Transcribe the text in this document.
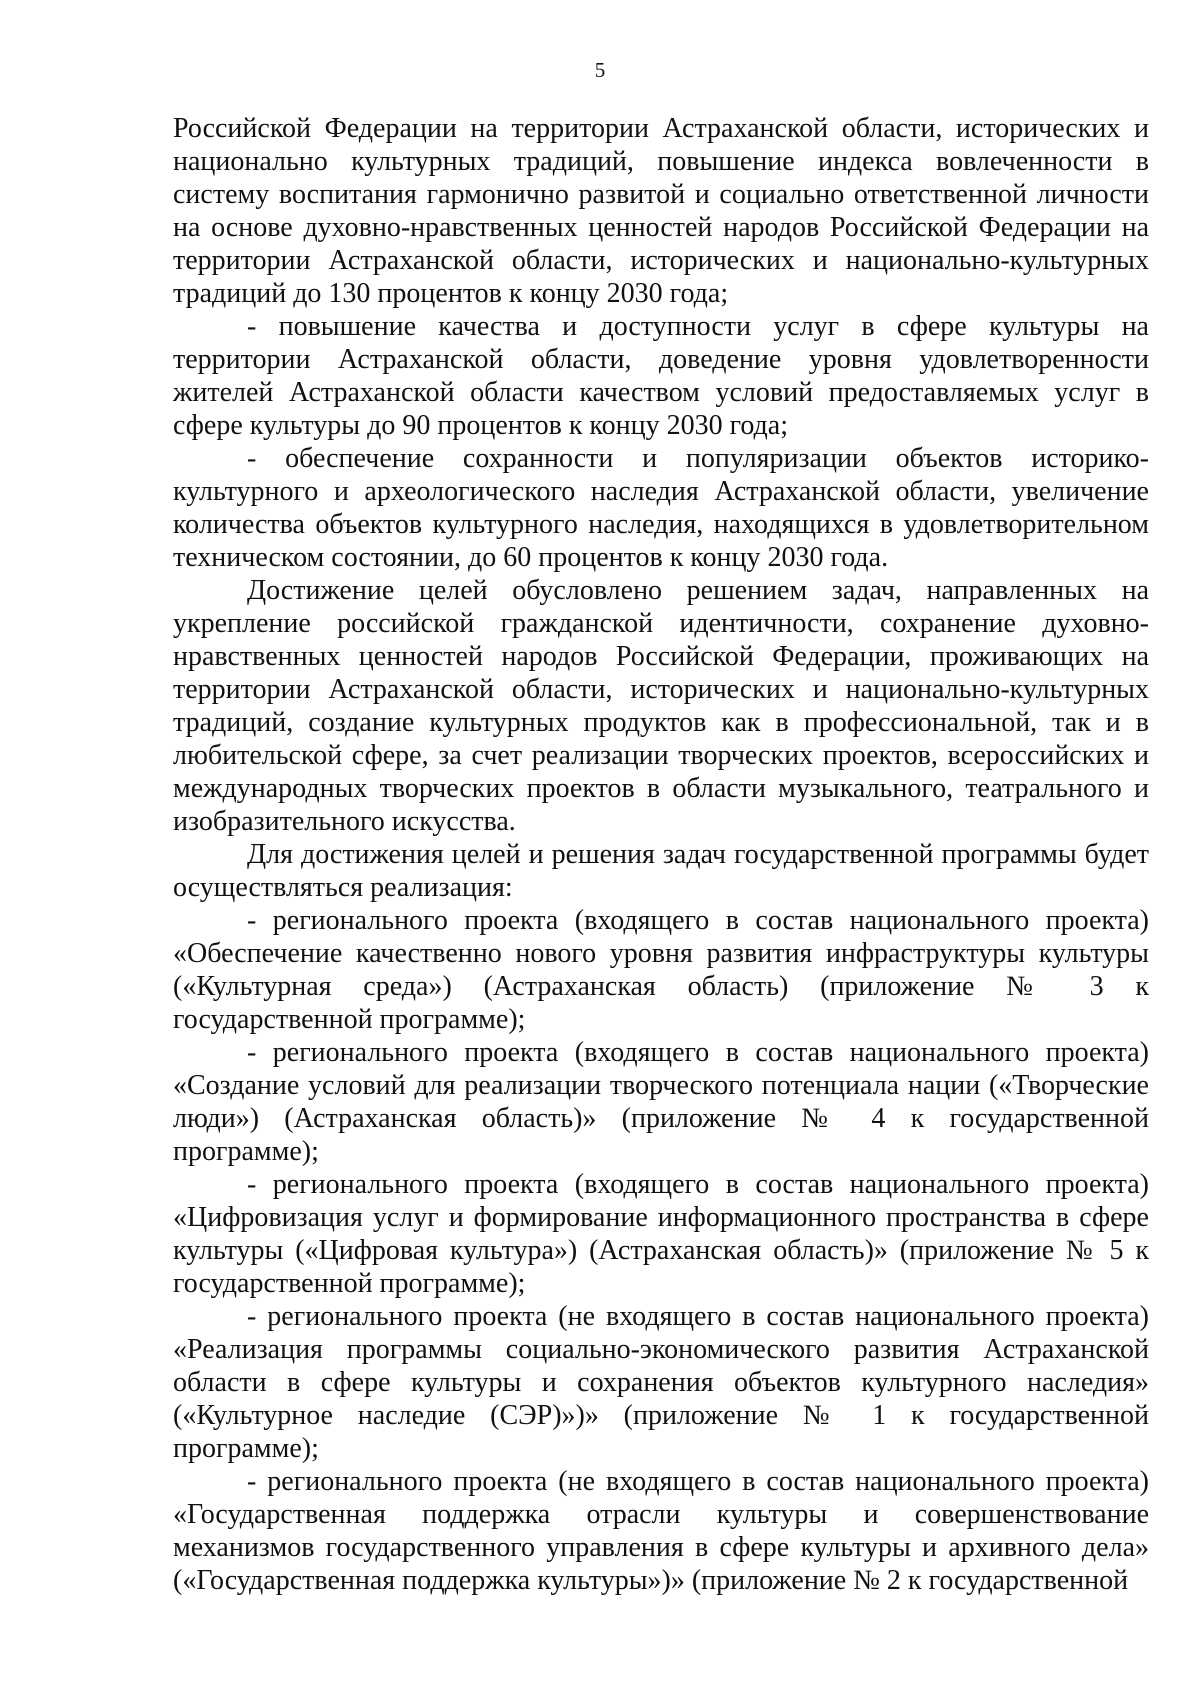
5

Российской Федерации на территории Астраханской области, исторических и национально культурных традиций, повышение индекса вовлеченности в систему воспитания гармонично развитой и социально ответственной личности на основе духовно-нравственных ценностей народов Российской Федерации на территории Астраханской области, исторических и национально-культурных традиций до 130 процентов к концу 2030 года;

- повышение качества и доступности услуг в сфере культуры на территории Астраханской области, доведение уровня удовлетворенности жителей Астраханской области качеством условий предоставляемых услуг в сфере культуры до 90 процентов к концу 2030 года;

- обеспечение сохранности и популяризации объектов историко-культурного и археологического наследия Астраханской области, увеличение количества объектов культурного наследия, находящихся в удовлетворительном техническом состоянии, до 60 процентов к концу 2030 года.

Достижение целей обусловлено решением задач, направленных на укрепление российской гражданской идентичности, сохранение духовно-нравственных ценностей народов Российской Федерации, проживающих на территории Астраханской области, исторических и национально-культурных традиций, создание культурных продуктов как в профессиональной, так и в любительской сфере, за счет реализации творческих проектов, всероссийских и международных творческих проектов в области музыкального, театрального и изобразительного искусства.

Для достижения целей и решения задач государственной программы будет осуществляться реализация:

- регионального проекта (входящего в состав национального проекта) «Обеспечение качественно нового уровня развития инфраструктуры культуры («Культурная среда») (Астраханская область) (приложение № 3 к государственной программе);

- регионального проекта (входящего в состав национального проекта) «Создание условий для реализации творческого потенциала нации («Творческие люди») (Астраханская область)» (приложение № 4 к государственной программе);

- регионального проекта (входящего в состав национального проекта) «Цифровизация услуг и формирование информационного пространства в сфере культуры («Цифровая культура») (Астраханская область)» (приложение № 5 к государственной программе);

- регионального проекта (не входящего в состав национального проекта) «Реализация программы социально-экономического развития Астраханской области в сфере культуры и сохранения объектов культурного наследия» («Культурное наследие (СЭР)»)» (приложение № 1 к государственной программе);

- регионального проекта (не входящего в состав национального проекта) «Государственная поддержка отрасли культуры и совершенствование механизмов государственного управления в сфере культуры и архивного дела» («Государственная поддержка культуры»)» (приложение № 2 к государственной
